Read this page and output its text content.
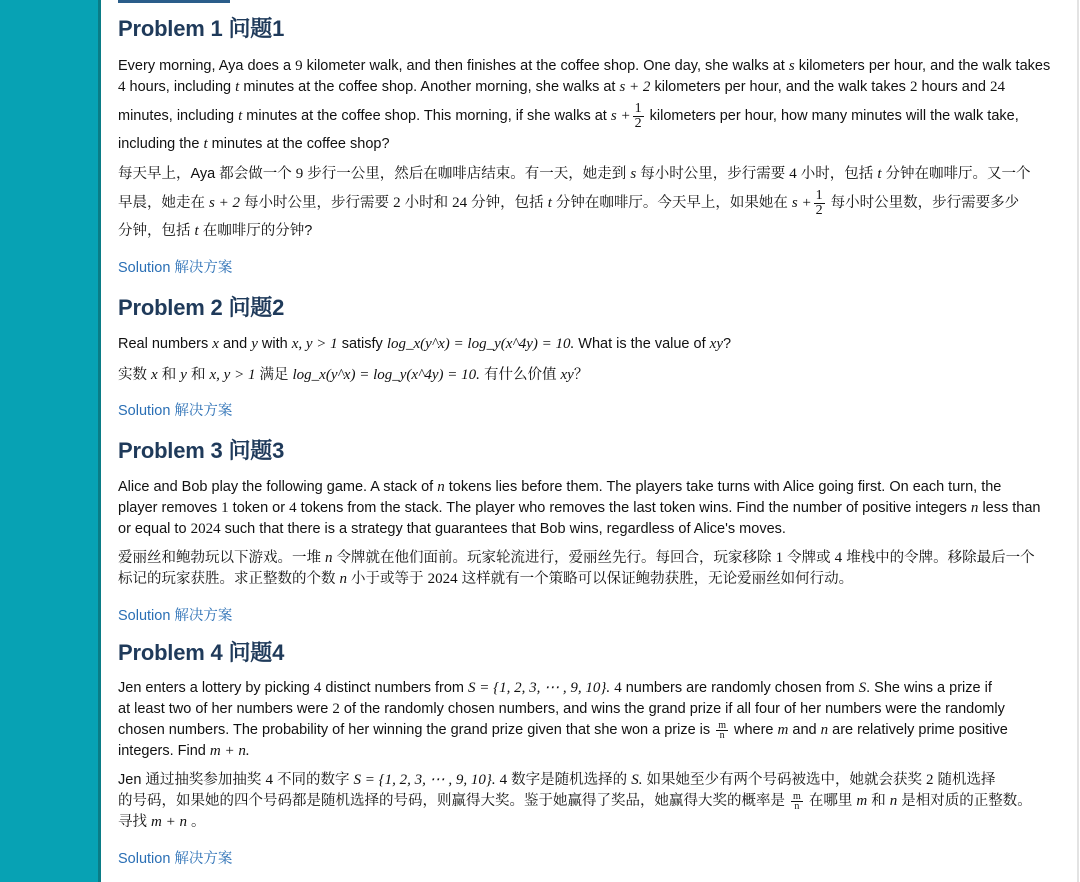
Problem 1 问题1

Every morning, Aya does a 9 kilometer walk, and then finishes at the coffee shop. One day, she walks at s kilometers per hour, and the walk takes
4 hours, including t minutes at the coffee shop. Another morning, she walks at s + 2 kilometers per hour, and the walk takes 2 hours and 24
minutes, including t minutes at the coffee shop. This morning, if she walks at $s + \frac{1}{2}$ kilometers per hour, how many minutes will the walk take,
including the t minutes at the coffee shop?

每天早上，Aya 都会做一个 9 步行一公里，然后在咖啡店结束。有一天，她走到 s 每小时公里，步行需要 4 小时，包括 t 分钟在咖啡厅。又一个
早晨，她走在 s + 2 每小时公里，步行需要 2 小时和 24 分钟，包括 t 分钟在咖啡厅。今天早上，如果她在 $s + \frac{1}{2}$ 每小时公里数，步行需要多少
分钟，包括 t 在咖啡厅的分钟?

Solution 解决方案
Problem 2 问题2

Real numbers x and y with x, y > 1 satisfy log_x(y^x) = log_y(x^4y) = 10. What is the value of xy?

实数 x 和 y 和 x, y > 1 满足 log_x(y^x) = log_y(x^4y) = 10. 有什么价值 xy？

Solution 解决方案
Problem 3 问题3

Alice and Bob play the following game. A stack of n tokens lies before them. The players take turns with Alice going first. On each turn, the
player removes 1 token or 4 tokens from the stack. The player who removes the last token wins. Find the number of positive integers n less than
or equal to 2024 such that there is a strategy that guarantees that Bob wins, regardless of Alice's moves.

爱丽丝和鲍勃玩以下游戏。一堆 n 令牌就在他们面前。玩家轮流进行，爱丽丝先行。每回合，玩家移除 1 令牌或 4 堆栈中的令牌。移除最后一个
标记的玩家获胜。求正整数的个数 n 小于或等于 2024 这样就有一个策略可以保证鲍勃获胜，无论爱丽丝如何行动。

Solution 解决方案
Problem 4 问题4

Jen enters a lottery by picking 4 distinct numbers from S = {1, 2, 3, ⋯ , 9, 10}. 4 numbers are randomly chosen from S. She wins a prize if
at least two of her numbers were 2 of the randomly chosen numbers, and wins the grand prize if all four of her numbers were the randomly
chosen numbers. The probability of her winning the grand prize given that she won a prize is $\frac{m}{n}$ where m and n are relatively prime positive
integers. Find m + n.

Jen 通过抽奖参加抽奖 4 不同的数字 S = {1, 2, 3, ⋯ , 9, 10}. 4 数字是随机选择的 S. 如果她至少有两个号码被选中，她就会获奖 2 随机选择
的号码，如果她的四个号码都是随机选择的号码，则赢得大奖。鉴于她赢得了奖品，她赢得大奖的概率是 $\frac{m}{n}$ 在哪里 m 和 n 是相对质的正整数。
寻找 m + n 。

Solution 解决方案
